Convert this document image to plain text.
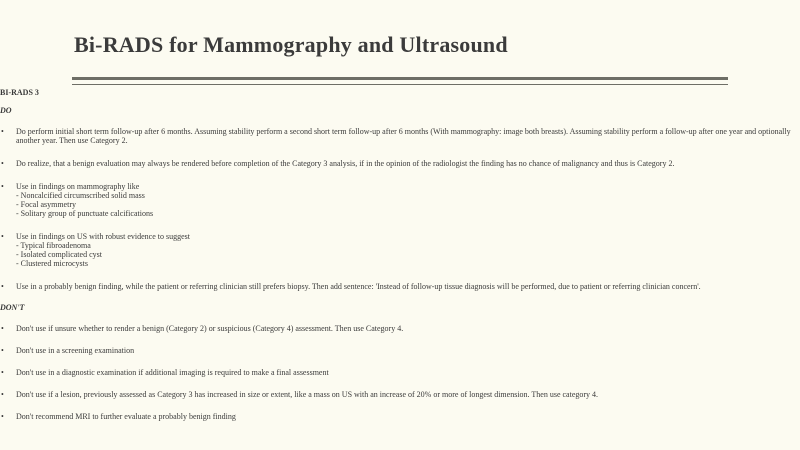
Bi-RADS for Mammography and Ultrasound

BI-RADS 3

DO

• Do perform initial short term follow-up after 6 months. Assuming stability perform a second short term follow-up after 6 months (With mammography: image both breasts). Assuming stability perform a follow-up after one year and optionally another year. Then use Category 2.
• Do realize, that a benign evaluation may always be rendered before completion of the Category 3 analysis, if in the opinion of the radiologist the finding has no chance of malignancy and thus is Category 2.
• Use in findings on mammography like
- Noncalcified circumscribed solid mass
- Focal asymmetry
- Solitary group of punctuate calcifications
• Use in findings on US with robust evidence to suggest
- Typical fibroadenoma
- Isolated complicated cyst
- Clustered microcysts
• Use in a probably benign finding, while the patient or referring clinician still prefers biopsy. Then add sentence: 'Instead of follow-up tissue diagnosis will be performed, due to patient or referring clinician concern'.

DON'T

• Don't use if unsure whether to render a benign (Category 2) or suspicious (Category 4) assessment. Then use Category 4.
• Don't use in a screening examination
• Don't use in a diagnostic examination if additional imaging is required to make a final assessment
• Don't use if a lesion, previously assessed as Category 3 has increased in size or extent, like a mass on US with an increase of 20% or more of longest dimension. Then use category 4.
• Don't recommend MRI to further evaluate a probably benign finding
